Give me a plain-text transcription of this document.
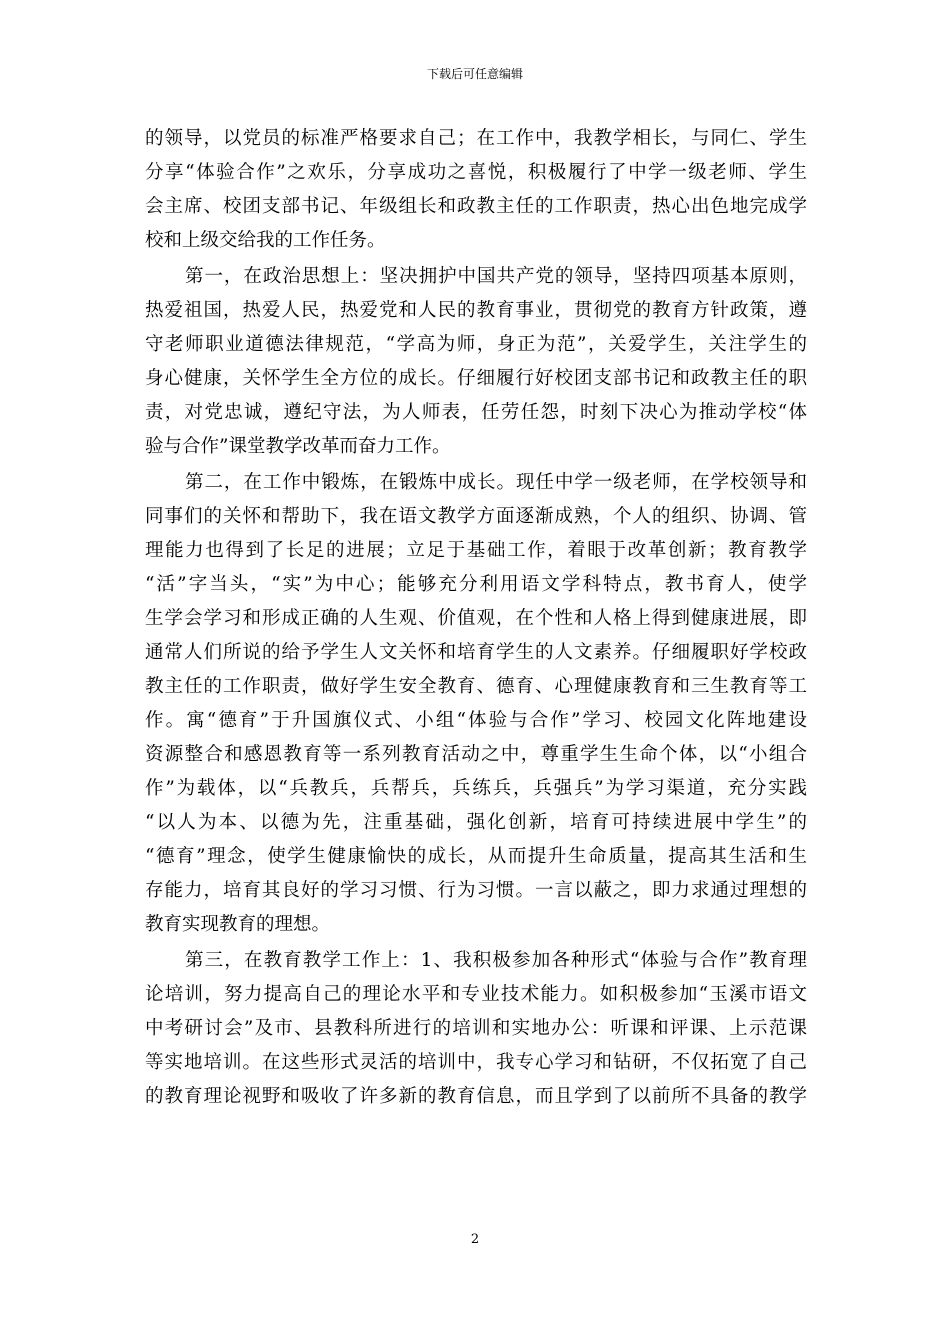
下载后可任意编辑
的领导，以党员的标准严格要求自己；在工作中，我教学相长，与同仁、学生
分享“体验合作”之欢乐，分享成功之喜悦，积极履行了中学一级老师、学生
会主席、校团支部书记、年级组长和政教主任的工作职责，热心出色地完成学
校和上级交给我的工作任务。
第一，在政治思想上：坚决拥护中国共产党的领导，坚持四项基本原则，
热爱祖国，热爱人民，热爱党和人民的教育事业，贯彻党的教育方针政策，遵
守老师职业道德法律规范，“学高为师，身正为范”，关爱学生，关注学生的
身心健康，关怀学生全方位的成长。仔细履行好校团支部书记和政教主任的职
责，对党忠诚，遵纪守法，为人师表，任劳任怨，时刻下决心为推动学校“体
验与合作”课堂教学改革而奋力工作。
第二，在工作中锻炼，在锻炼中成长。现任中学一级老师，在学校领导和
同事们的关怀和帮助下，我在语文教学方面逐渐成熟，个人的组织、协调、管
理能力也得到了长足的进展；立足于基础工作，着眼于改革创新；教育教学
“活”字当头，“实”为中心；能够充分利用语文学科特点，教书育人，使学
生学会学习和形成正确的人生观、价值观，在个性和人格上得到健康进展，即
通常人们所说的给予学生人文关怀和培育学生的人文素养。仔细履职好学校政
教主任的工作职责，做好学生安全教育、德育、心理健康教育和三生教育等工
作。寓“德育”于升国旗仪式、小组“体验与合作”学习、校园文化阵地建设
资源整合和感恩教育等一系列教育活动之中，尊重学生生命个体，以“小组合
作”为载体，以“兵教兵，兵帮兵，兵练兵，兵强兵”为学习渠道，充分实践
“以人为本、以德为先，注重基础，强化创新，培育可持续进展中学生”的
“德育”理念，使学生健康愉快的成长，从而提升生命质量，提高其生活和生
存能力，培育其良好的学习习惯、行为习惯。一言以蔽之，即力求通过理想的
教育实现教育的理想。
第三，在教育教学工作上：1、我积极参加各种形式“体验与合作”教育理
论培训，努力提高自己的理论水平和专业技术能力。如积极参加“玉溪市语文
中考研讨会”及市、县教科所进行的培训和实地办公：听课和评课、上示范课
等实地培训。在这些形式灵活的培训中，我专心学习和钻研，不仅拓宽了自己
的教育理论视野和吸收了许多新的教育信息，而且学到了以前所不具备的教学
2
